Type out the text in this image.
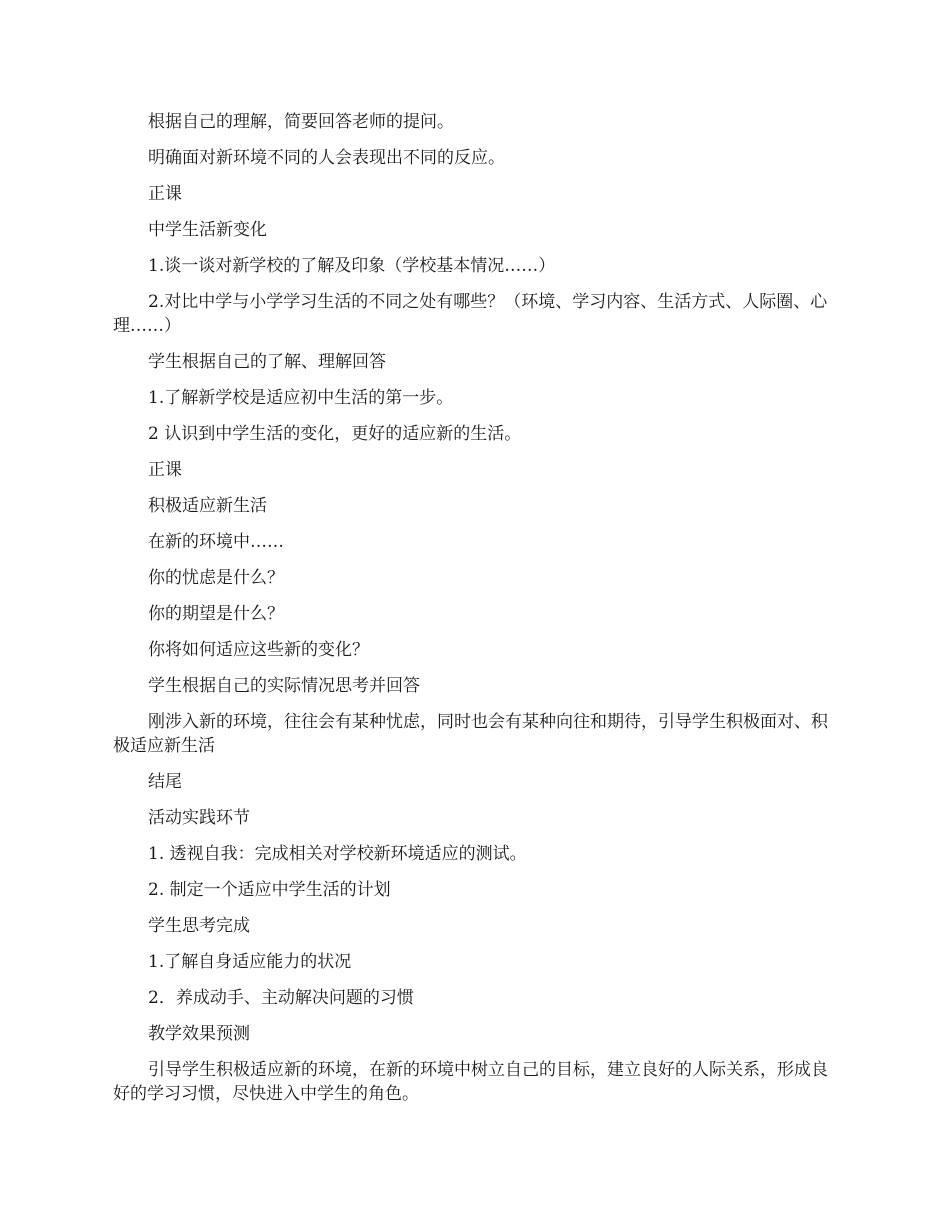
根据自己的理解，简要回答老师的提问。

明确面对新环境不同的人会表现出不同的反应。

正课

中学生活新变化

1.谈一谈对新学校的了解及印象（学校基本情况……）

2.对比中学与小学学习生活的不同之处有哪些？（环境、学习内容、生活方式、人际圈、心理……）

学生根据自己的了解、理解回答

1.了解新学校是适应初中生活的第一步。

2 认识到中学生活的变化，更好的适应新的生活。

正课

积极适应新生活

在新的环境中……

你的忧虑是什么？

你的期望是什么？

你将如何适应这些新的变化？

学生根据自己的实际情况思考并回答

刚涉入新的环境，往往会有某种忧虑，同时也会有某种向往和期待，引导学生积极面对、积极适应新生活

结尾

活动实践环节

1. 透视自我：完成相关对学校新环境适应的测试。

2. 制定一个适应中学生活的计划

学生思考完成

1.了解自身适应能力的状况

2．养成动手、主动解决问题的习惯

教学效果预测

引导学生积极适应新的环境，在新的环境中树立自己的目标，建立良好的人际关系，形成良好的学习习惯，尽快进入中学生的角色。
